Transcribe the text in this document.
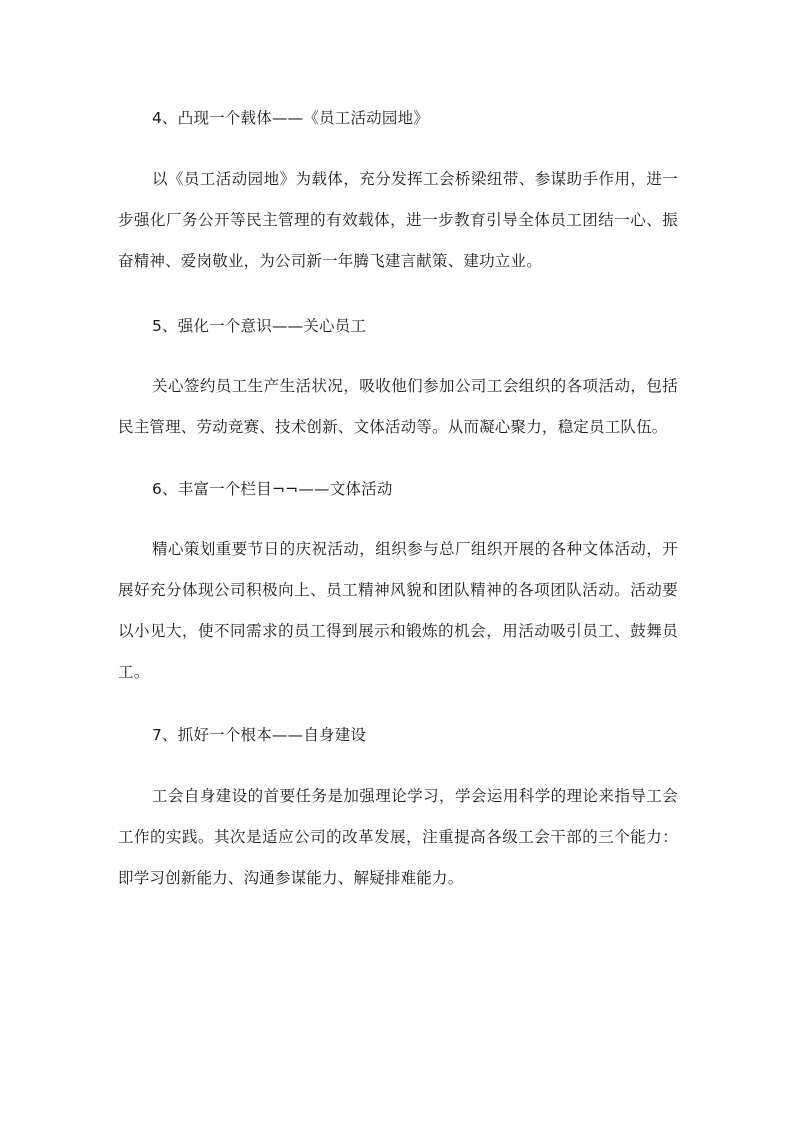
4、凸现一个载体——《员工活动园地》
以《员工活动园地》为载体，充分发挥工会桥梁纽带、参谋助手作用，进一步强化厂务公开等民主管理的有效载体，进一步教育引导全体员工团结一心、振奋精神、爱岗敬业，为公司新一年腾飞建言献策、建功立业。
5、强化一个意识——关心员工
关心签约员工生产生活状况，吸收他们参加公司工会组织的各项活动，包括民主管理、劳动竞赛、技术创新、文体活动等。从而凝心聚力，稳定员工队伍。
6、丰富一个栏目¬¬——文体活动
精心策划重要节日的庆祝活动，组织参与总厂组织开展的各种文体活动，开展好充分体现公司积极向上、员工精神风貌和团队精神的各项团队活动。活动要以小见大，使不同需求的员工得到展示和锻炼的机会，用活动吸引员工、鼓舞员工。
7、抓好一个根本——自身建设
工会自身建设的首要任务是加强理论学习，学会运用科学的理论来指导工会工作的实践。其次是适应公司的改革发展，注重提高各级工会干部的三个能力：即学习创新能力、沟通参谋能力、解疑排难能力。
